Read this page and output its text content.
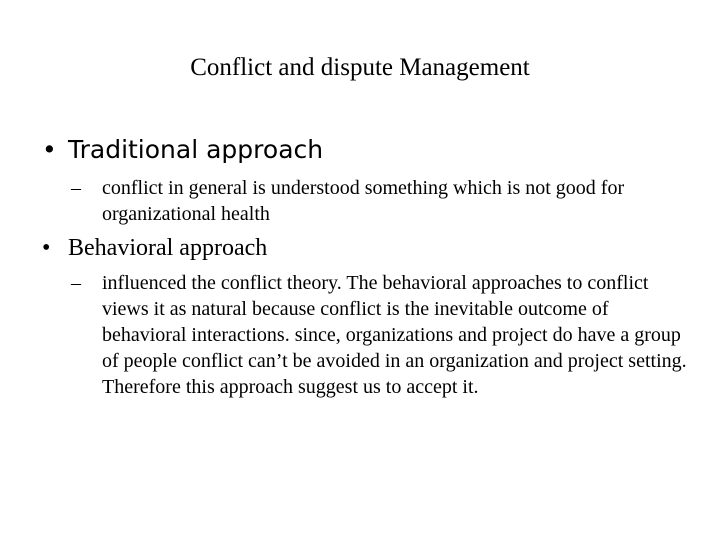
Conflict and dispute Management
• Traditional approach
–	conflict in general is understood something which is not good for organizational health
• Behavioral approach
–	influenced the conflict theory. The behavioral approaches to conflict views it as natural because conflict is the inevitable outcome of behavioral interactions. since, organizations and project do have a group of people conflict can’t be avoided in an organization and project setting. Therefore this approach suggest us to accept it.
